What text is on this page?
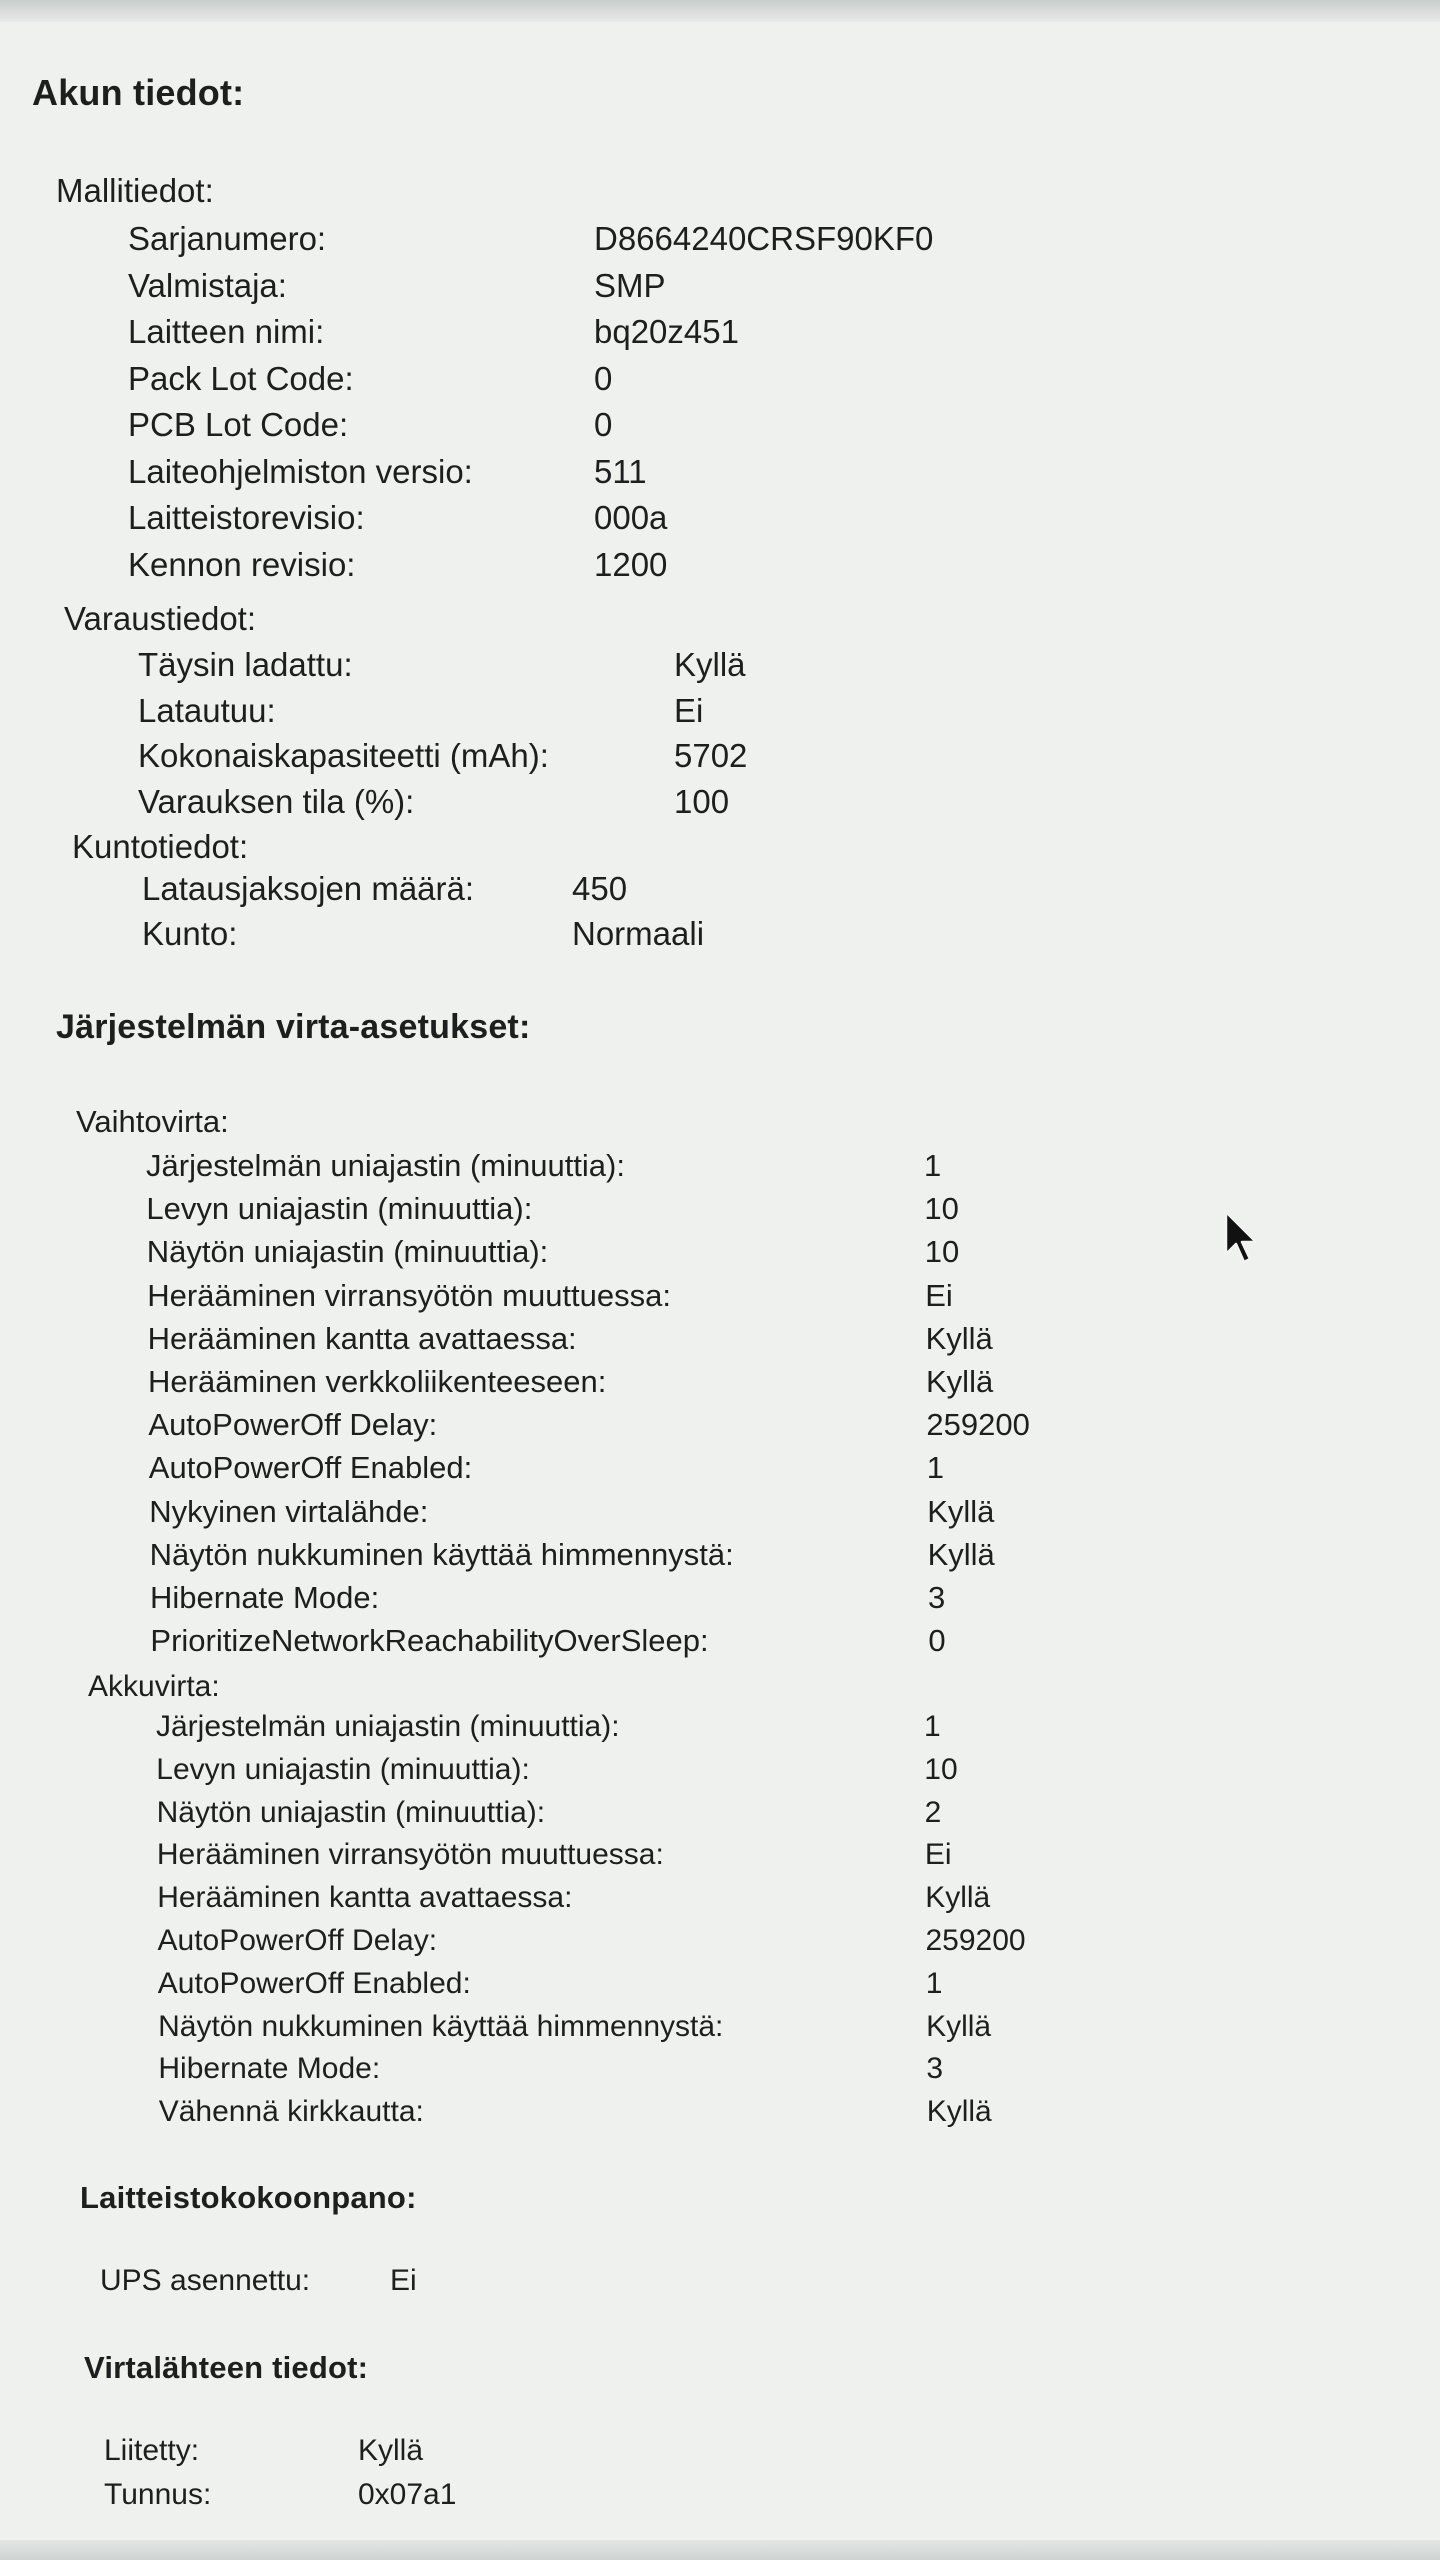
Akun tiedot:
Mallitiedot:
Sarjanumero:	D8664240CRSF90KF0
Valmistaja:	SMP
Laitteen nimi:	bq20z451
Pack Lot Code:	0
PCB Lot Code:	0
Laiteohjelmiston versio:	511
Laitteistorevisio:	000a
Kennon revisio:	1200
Varaustiedot:
Täysin ladattu:	Kyllä
Latautuu:	Ei
Kokonaiskapasiteetti (mAh):	5702
Varauksen tila (%):	100
Kuntotiedot:
Latausjaksojen määrä:	450
Kunto:	Normaali
Järjestelmän virta-asetukset:
Vaihtovirta:
Järjestelmän uniajastin (minuuttia):	1
Levyn uniajastin (minuuttia):	10
Näytön uniajastin (minuuttia):	10
Herääminen virransyötön muuttuessa:	Ei
Herääminen kantta avattaessa:	Kyllä
Herääminen verkkoliikenteeseen:	Kyllä
AutoPowerOff Delay:	259200
AutoPowerOff Enabled:	1
Nykyinen virtalähde:	Kyllä
Näytön nukkuminen käyttää himmennystä:	Kyllä
Hibernate Mode:	3
PrioritizeNetworkReachabilityOverSleep:	0
Akkuvirta:
Järjestelmän uniajastin (minuuttia):	1
Levyn uniajastin (minuuttia):	10
Näytön uniajastin (minuuttia):	2
Herääminen virransyötön muuttuessa:	Ei
Herääminen kantta avattaessa:	Kyllä
AutoPowerOff Delay:	259200
AutoPowerOff Enabled:	1
Näytön nukkuminen käyttää himmennystä:	Kyllä
Hibernate Mode:	3
Vähennä kirkkautta:	Kyllä
Laitteistokokoonpano:
UPS asennettu:	Ei
Virtalähteen tiedot:
Liitetty:	Kyllä
Tunnus:	0x07a1
